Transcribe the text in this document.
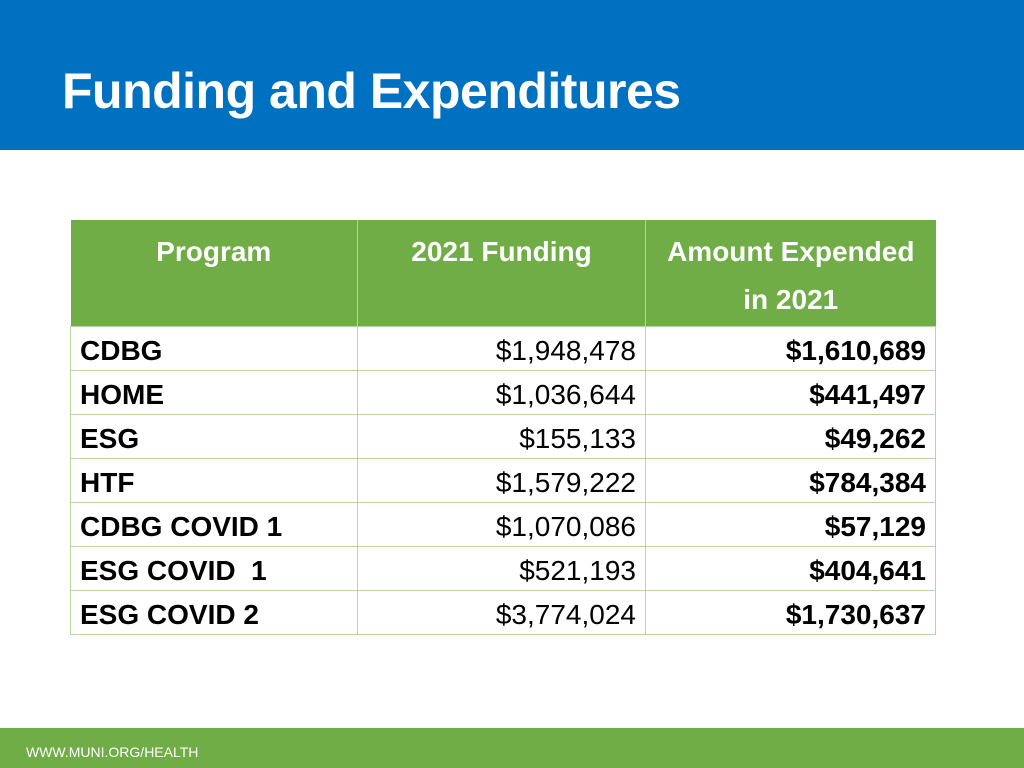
Funding and Expenditures
Program	2021 Funding	Amount Expended
in 2021
CDBG	$1,948,478	$1,610,689
HOME	$1,036,644	$441,497
ESG	$155,133	$49,262
HTF	$1,579,222	$784,384
CDBG COVID 1	$1,070,086	$57,129
ESG COVID  1	$521,193	$404,641
ESG COVID 2	$3,774,024	$1,730,637
WWW.MUNI.ORG/HEALTH
